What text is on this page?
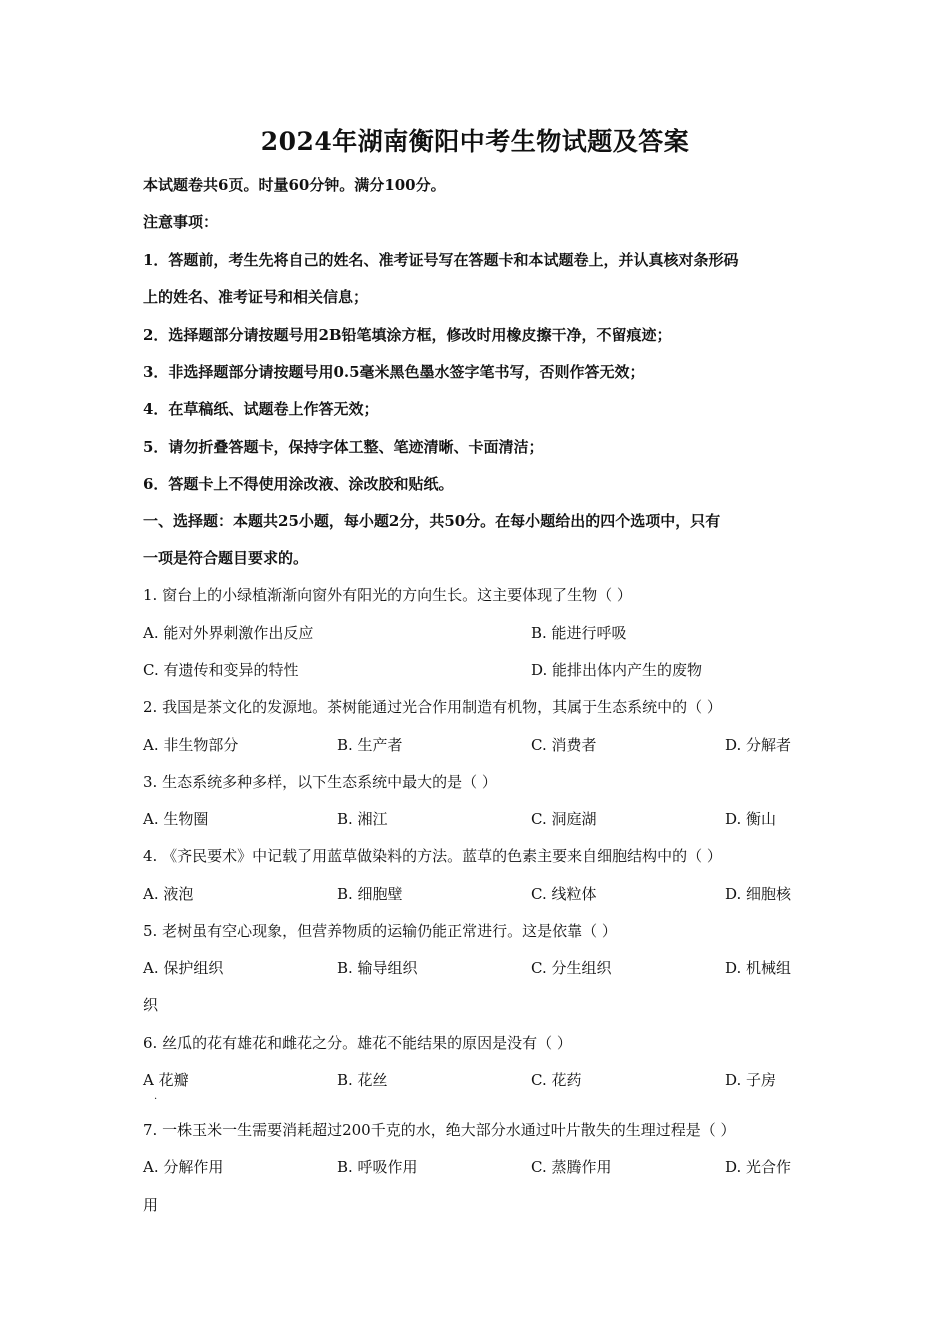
2024年湖南衡阳中考生物试题及答案
本试题卷共6页。时量60分钟。满分100分。
注意事项：
1．答题前，考生先将自己的姓名、准考证号写在答题卡和本试题卷上，并认真核对条形码
上的姓名、准考证号和相关信息；
2．选择题部分请按题号用2B铅笔填涂方框，修改时用橡皮擦干净，不留痕迹；
3．非选择题部分请按题号用0.5毫米黑色墨水签字笔书写，否则作答无效；
4．在草稿纸、试题卷上作答无效；
5．请勿折叠答题卡，保持字体工整、笔迹清晰、卡面清洁；
6．答题卡上不得使用涂改液、涂改胶和贴纸。
一、选择题：本题共25小题，每小题2分，共50分。在每小题给出的四个选项中，只有
一项是符合题目要求的。
1. 窗台上的小绿植渐渐向窗外有阳光的方向生长。这主要体现了生物（ ）
A. 能对外界刺激作出反应	B. 能进行呼吸
C. 有遗传和变异的特性	D. 能排出体内产生的废物
2. 我国是茶文化的发源地。茶树能通过光合作用制造有机物，其属于生态系统中的（ ）
A. 非生物部分	B. 生产者	C. 消费者	D. 分解者
3. 生态系统多种多样，以下生态系统中最大的是（ ）
A. 生物圈	B. 湘江	C. 洞庭湖	D. 衡山
4. 《齐民要术》中记载了用蓝草做染料的方法。蓝草的色素主要来自细胞结构中的（ ）
A. 液泡	B. 细胞壁	C. 线粒体	D. 细胞核
5. 老树虽有空心现象，但营养物质的运输仍能正常进行。这是依靠（ ）
A. 保护组织	B. 输导组织	C. 分生组织	D. 机械组
织
6. 丝瓜的花有雄花和雌花之分。雄花不能结果的原因是没有（ ）
A 花瓣	B. 花丝	C. 花药	D. 子房
.
7. 一株玉米一生需要消耗超过200千克的水，绝大部分水通过叶片散失的生理过程是（ ）
A. 分解作用	B. 呼吸作用	C. 蒸腾作用	D. 光合作
用
